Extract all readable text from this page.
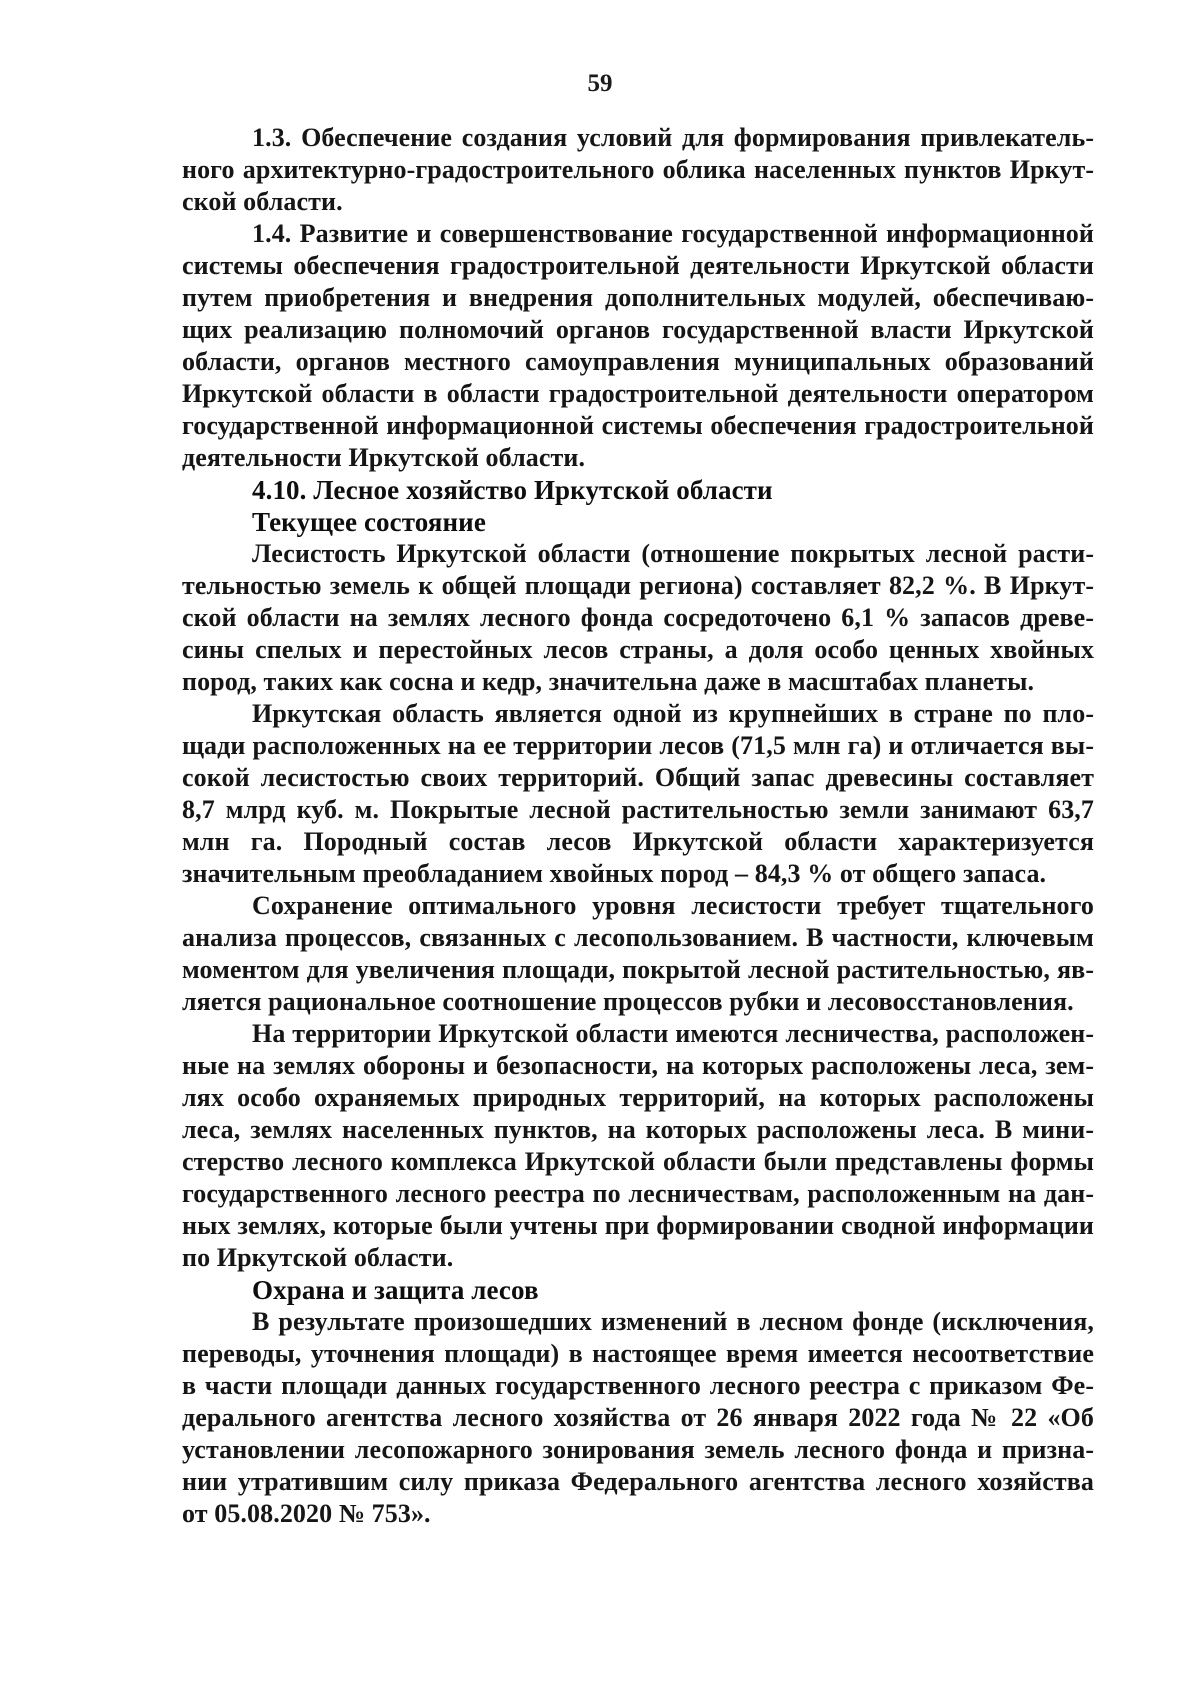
59

1.3. Обеспечение создания условий для формирования привлекательного архитектурно-градостроительного облика населенных пунктов Иркутской области.

1.4. Развитие и совершенствование государственной информационной системы обеспечения градостроительной деятельности Иркутской области путем приобретения и внедрения дополнительных модулей, обеспечивающих реализацию полномочий органов государственной власти Иркутской области, органов местного самоуправления муниципальных образований Иркутской области в области градостроительной деятельности оператором государственной информационной системы обеспечения градостроительной деятельности Иркутской области.

4.10. Лесное хозяйство Иркутской области

Текущее состояние

Лесистость Иркутской области (отношение покрытых лесной растительностью земель к общей площади региона) составляет 82,2 %. В Иркутской области на землях лесного фонда сосредоточено 6,1 % запасов древесины спелых и перестойных лесов страны, а доля особо ценных хвойных пород, таких как сосна и кедр, значительна даже в масштабах планеты.

Иркутская область является одной из крупнейших в стране по площади расположенных на ее территории лесов (71,5 млн га) и отличается высокой лесистостью своих территорий. Общий запас древесины составляет 8,7 млрд куб. м. Покрытые лесной растительностью земли занимают 63,7 млн га. Породный состав лесов Иркутской области характеризуется значительным преобладанием хвойных пород – 84,3 % от общего запаса.

Сохранение оптимального уровня лесистости требует тщательного анализа процессов, связанных с лесопользованием. В частности, ключевым моментом для увеличения площади, покрытой лесной растительностью, является рациональное соотношение процессов рубки и лесовосстановления.

На территории Иркутской области имеются лесничества, расположенные на землях обороны и безопасности, на которых расположены леса, землях особо охраняемых природных территорий, на которых расположены леса, землях населенных пунктов, на которых расположены леса. В министерство лесного комплекса Иркутской области были представлены формы государственного лесного реестра по лесничествам, расположенным на данных землях, которые были учтены при формировании сводной информации по Иркутской области.

Охрана и защита лесов

В результате произошедших изменений в лесном фонде (исключения, переводы, уточнения площади) в настоящее время имеется несоответствие в части площади данных государственного лесного реестра с приказом Федерального агентства лесного хозяйства от 26 января 2022 года № 22 «Об установлении лесопожарного зонирования земель лесного фонда и признании утратившим силу приказа Федерального агентства лесного хозяйства от 05.08.2020 № 753».
